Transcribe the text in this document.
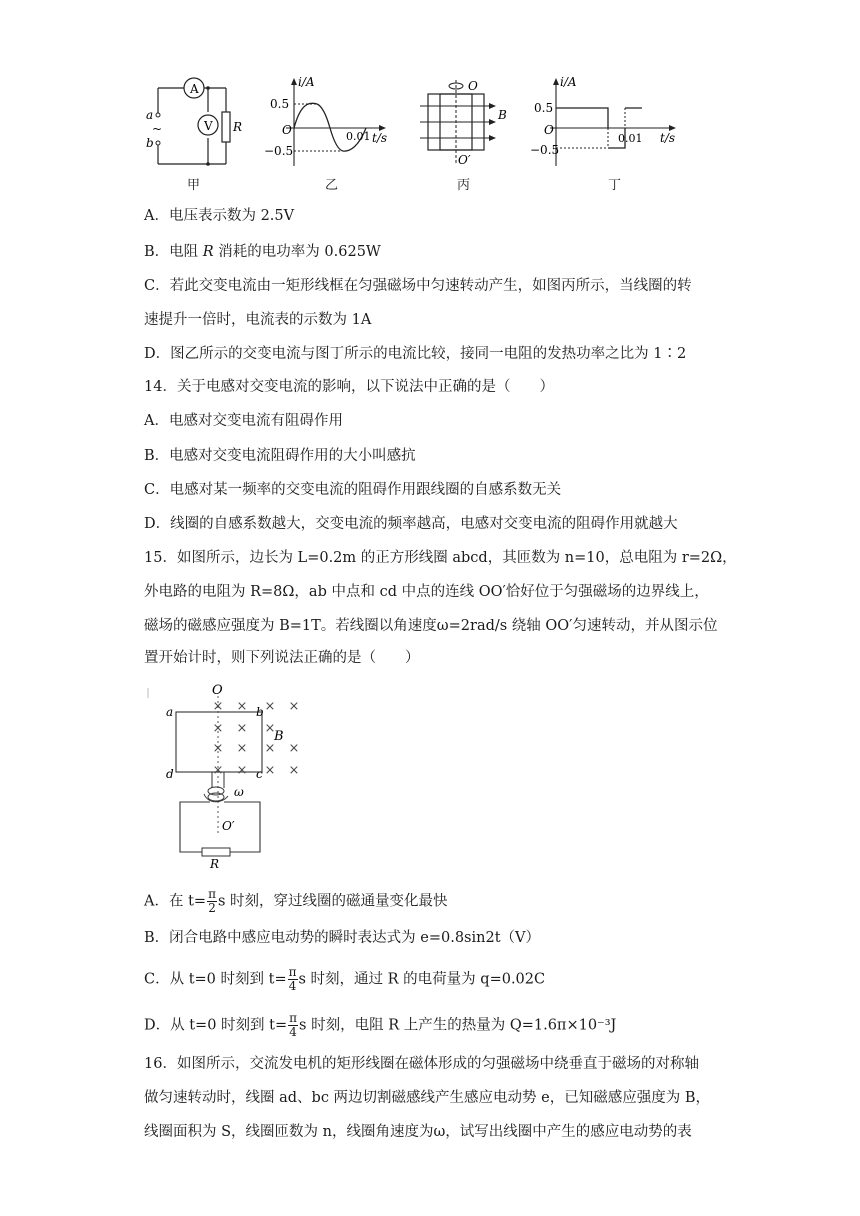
A
V R
a
b
~
甲
i/A
0.5
−0.5
O	0.01 t/s
乙
O
B
O′
丙
i/A
0.5
−0.5
O
0.01 t/s
丁
A．电压表示数为 2.5V
B．电阻 R 消耗的电功率为 0.625W
C．若此交变电流由一矩形线框在匀强磁场中匀速转动产生，如图丙所示，当线圈的转
速提升一倍时，电流表的示数为 1A
D．图乙所示的交变电流与图丁所示的电流比较，接同一电阻的发热功率之比为 1∶2
14．关于电感对交变电流的影响，以下说法中正确的是（　　）
A．电感对交变电流有阻碍作用
B．电感对交变电流阻碍作用的大小叫感抗
C．电感对某一频率的交变电流的阻碍作用跟线圈的自感系数无关
D．线圈的自感系数越大，交变电流的频率越高，电感对交变电流的阻碍作用就越大
15．如图所示，边长为 L=0.2m 的正方形线圈 abcd，其匝数为 n=10，总电阻为 r=2Ω，
外电路的电阻为 R=8Ω，ab 中点和 cd 中点的连线 OO′恰好位于匀强磁场的边界线上，
磁场的磁感应强度为 B=1T。若线圈以角速度ω=2rad/s 绕轴 OO′匀速转动，并从图示位
置开始计时，则下列说法正确的是（　　）
× ×
× ×
× ×
× ×
×
× ×
× ×
× ×
O
a	b
c
d
B
ω
O′
R
A．在 $t= \frac{\pi}{2}$ s 时刻，穿过线圈的磁通量变化最快
B．闭合电路中感应电动势的瞬时表达式为 e=0.8sin2t（V）
C．从 t=0 时刻到 $t= \frac{\pi}{4}$ s 时刻，通过 R 的电荷量为 q=0.02C
D．从 t=0 时刻到 $t= \frac{\pi}{4}$ s 时刻，电阻 R 上产生的热量为 Q=1.6π×10⁻³J
16．如图所示，交流发电机的矩形线圈在磁体形成的匀强磁场中绕垂直于磁场的对称轴
做匀速转动时，线圈 ad、bc 两边切割磁感线产生感应电动势 e，已知磁感应强度为 B，
线圈面积为 S，线圈匝数为 n，线圈角速度为ω，试写出线圈中产生的感应电动势的表
